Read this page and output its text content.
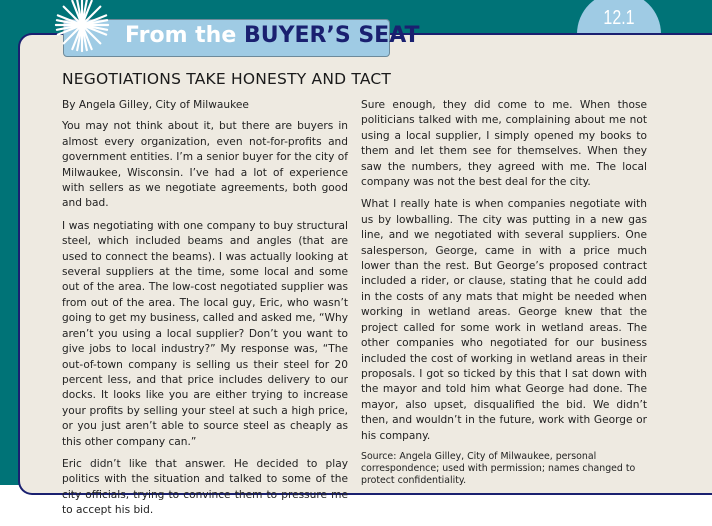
12.1
From the BUYER’S SEAT
NEGOTIATIONS TAKE HONESTY AND TACT

By Angela Gilley, City of Milwaukee

You may not think about it, but there are buyers in almost every organization, even not-for-profits and government entities. I’m a senior buyer for the city of Milwaukee, Wisconsin. I’ve had a lot of experience with sellers as we negotiate agreements, both good and bad.

I was negotiating with one company to buy structural steel, which included beams and angles (that are used to connect the beams). I was actually looking at several suppliers at the time, some local and some out of the area. The low-cost negotiated supplier was from out of the area. The local guy, Eric, who wasn’t going to get my business, called and asked me, “Why aren’t you using a local supplier? Don’t you want to give jobs to local industry?” My response was, “The out-of-town company is selling us their steel for 20 percent less, and that price includes delivery to our docks. It looks like you are either trying to increase your profits by selling your steel at such a high price, or you just aren’t able to source steel as cheaply as this other company can.”

Eric didn’t like that answer. He decided to play politics with the situation and talked to some of the city officials, trying to convince them to pressure me to accept his bid.

Sure enough, they did come to me. When those politicians talked with me, complaining about me not using a local supplier, I simply opened my books to them and let them see for themselves. When they saw the numbers, they agreed with me. The local company was not the best deal for the city.

What I really hate is when companies negotiate with us by lowballing. The city was putting in a new gas line, and we negotiated with several suppliers. One salesperson, George, came in with a price much lower than the rest. But George’s proposed contract included a rider, or clause, stating that he could add in the costs of any mats that might be needed when working in wetland areas. George knew that the project called for some work in wetland areas. The other companies who negotiated for our business included the cost of working in wetland areas in their proposals. I got so ticked by this that I sat down with the mayor and told him what George had done. The mayor, also upset, disqualified the bid. We didn’t then, and wouldn’t in the future, work with George or his company.

Source: Angela Gilley, City of Milwaukee, personal correspondence; used with permission; names changed to protect confidentiality.
